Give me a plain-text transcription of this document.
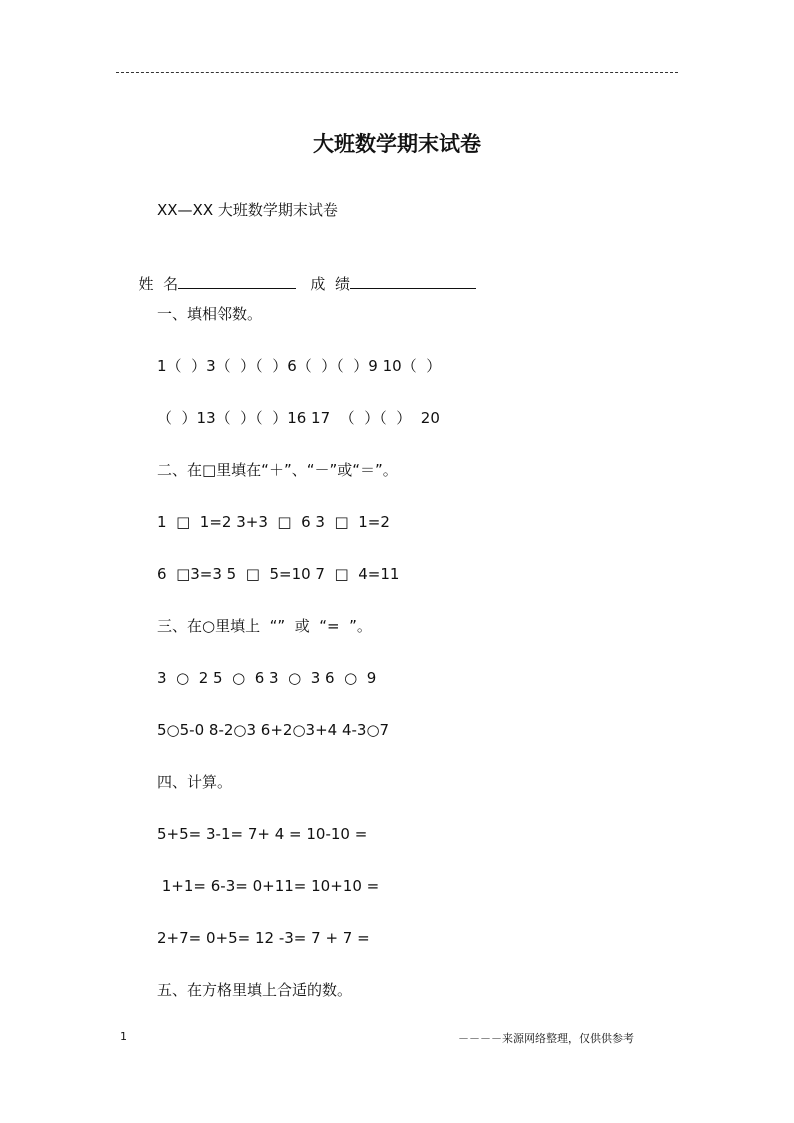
大班数学期末试卷
XX—XX 大班数学期末试卷

姓  名	成  绩

一、填相邻数。
1（  ）3（  ）（  ）6（  ）（  ）9 10（  ）
（  ）13（  ）（  ）16 17  （  ）（  ）  20
二、在□里填在“＋”、“－”或“＝”。
1  □  1=2 3+3  □  6 3  □  1=2
6  □3=3 5  □  5=10 7  □  4=11
三、在○里填上  “”  或  “=  ”。
3  ○  2 5  ○  6 3  ○  3 6  ○  9
5○5-0 8-2○3 6+2○3+4 4-3○7
四、计算。
5+5= 3-1= 7+ 4 = 10-10 =
1+1= 6-3= 0+11= 10+10 =
2+7= 0+5= 12 -3= 7 + 7 =
五、在方格里填上合适的数。
1	－－－－来源网络整理，仅供供参考
